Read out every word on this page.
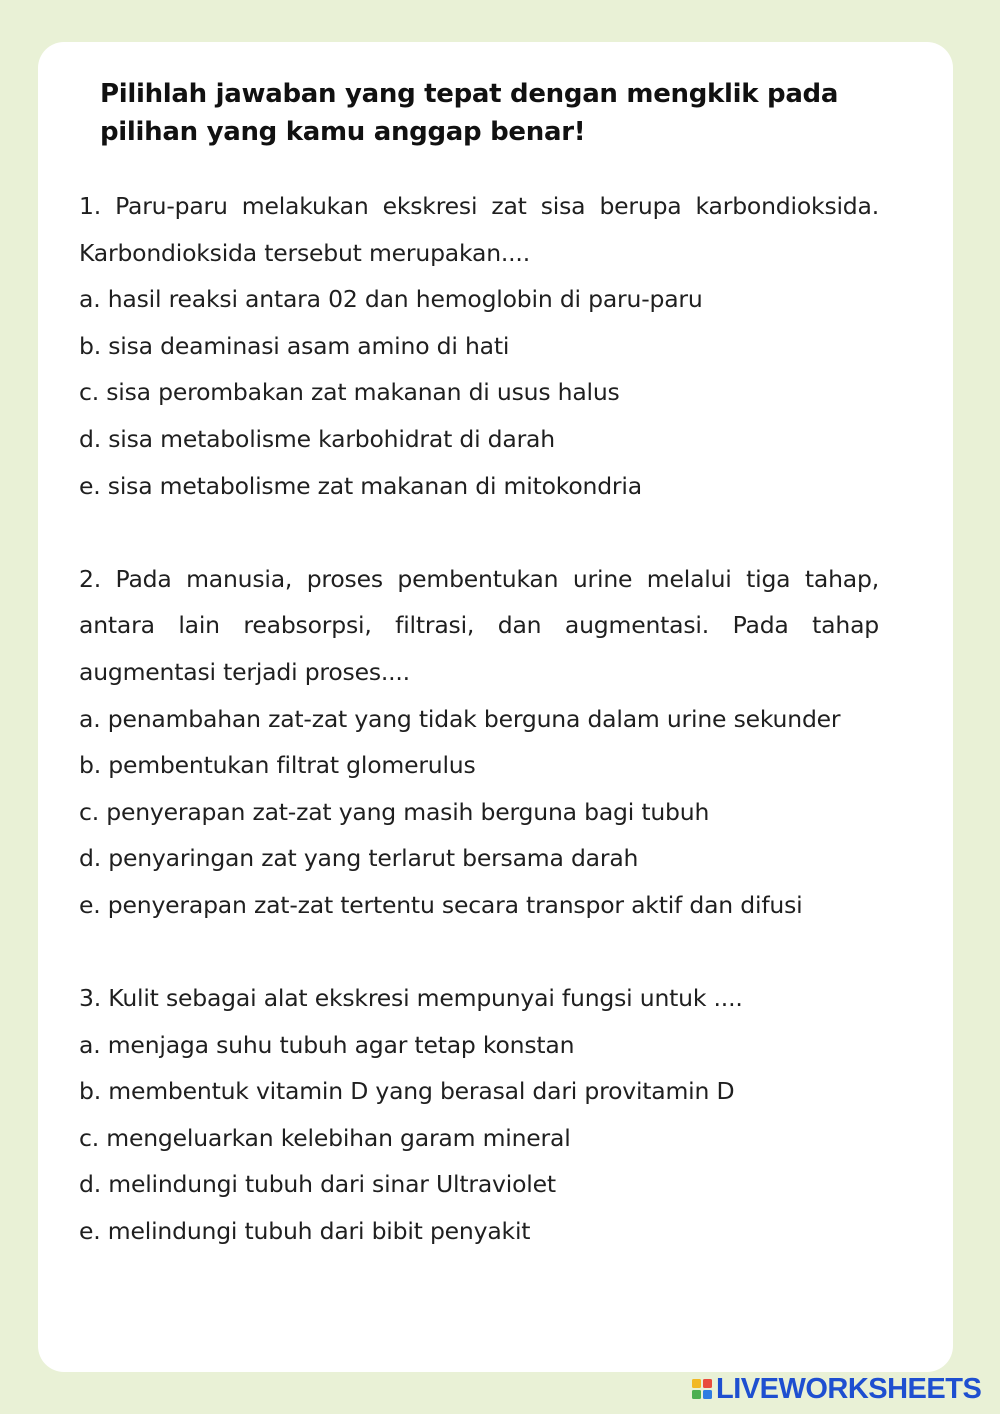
Pilihlah jawaban yang tepat dengan mengklik pada pilihan yang kamu anggap benar!
1. Paru-paru melakukan ekskresi zat sisa berupa karbondioksida. Karbondioksida tersebut merupakan....
a. hasil reaksi antara 02 dan hemoglobin di paru-paru
b. sisa deaminasi asam amino di hati
c. sisa perombakan zat makanan di usus halus
d. sisa metabolisme karbohidrat di darah
e. sisa metabolisme zat makanan di mitokondria
2. Pada manusia, proses pembentukan urine melalui tiga tahap, antara lain reabsorpsi, filtrasi, dan augmentasi. Pada tahap augmentasi terjadi proses....
a. penambahan zat-zat yang tidak berguna dalam urine sekunder
b. pembentukan filtrat glomerulus
c. penyerapan zat-zat yang masih berguna bagi tubuh
d. penyaringan zat yang terlarut bersama darah
e. penyerapan zat-zat tertentu secara transpor aktif dan difusi
3. Kulit sebagai alat ekskresi mempunyai fungsi untuk ....
a. menjaga suhu tubuh agar tetap konstan
b. membentuk vitamin D yang berasal dari provitamin D
c. mengeluarkan kelebihan garam mineral
d. melindungi tubuh dari sinar Ultraviolet
e. melindungi tubuh dari bibit penyakit
LIVEWORKSHEETS
